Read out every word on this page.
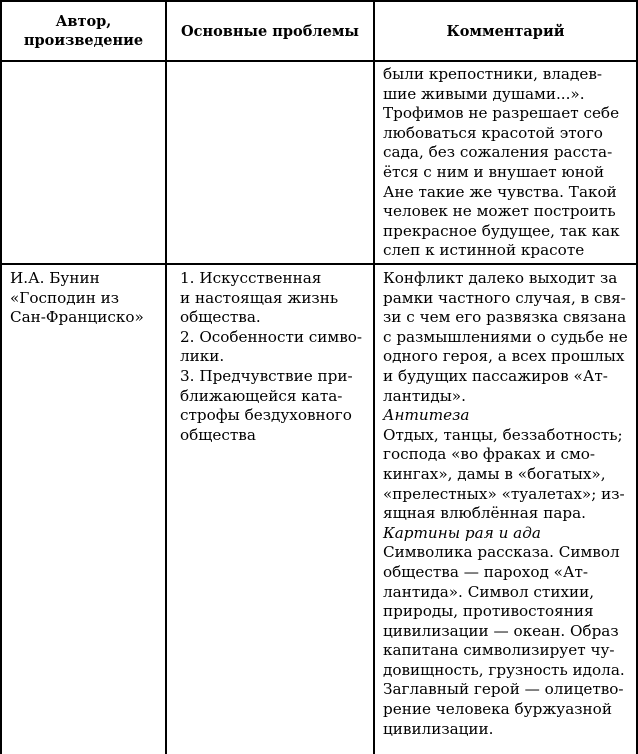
Автор,
произведение
Основные проблемы	Комментарий
были крепостники, владев-
шие живыми душами...».
Трофимов не разрешает себе
любоваться красотой этого
сада, без сожаления расста-
ётся с ним и внушает юной
Ане такие же чувства. Такой
человек не может построить
прекрасное будущее, так как
слеп к истинной красоте
И.А. Бунин
«Господин из
Сан-Франциско»
1. Искусственная
и настоящая жизнь
общества.
2. Особенности симво-
лики.
3. Предчувствие при-
ближающейся ката-
строфы бездуховного
общества
Конфликт далеко выходит за
рамки частного случая, в свя-
зи с чем его развязка связана
с размышлениями о судьбе не
одного героя, а всех прошлых
и будущих пассажиров «Ат-
лантиды».
Антитеза
Отдых, танцы, беззаботность;
господа «во фраках и смо-
кингах», дамы в «богатых»,
«прелестных» «туалетах»; из-
ящная влюблённая пара.
Картины рая и ада
Символика рассказа. Символ
общества — пароход «Ат-
лантида». Символ стихии,
природы, противостояния
цивилизации — океан. Образ
капитана символизирует чу-
довищность, грузность идола.
Заглавный герой — олицетво-
рение человека буржуазной
цивилизации.
